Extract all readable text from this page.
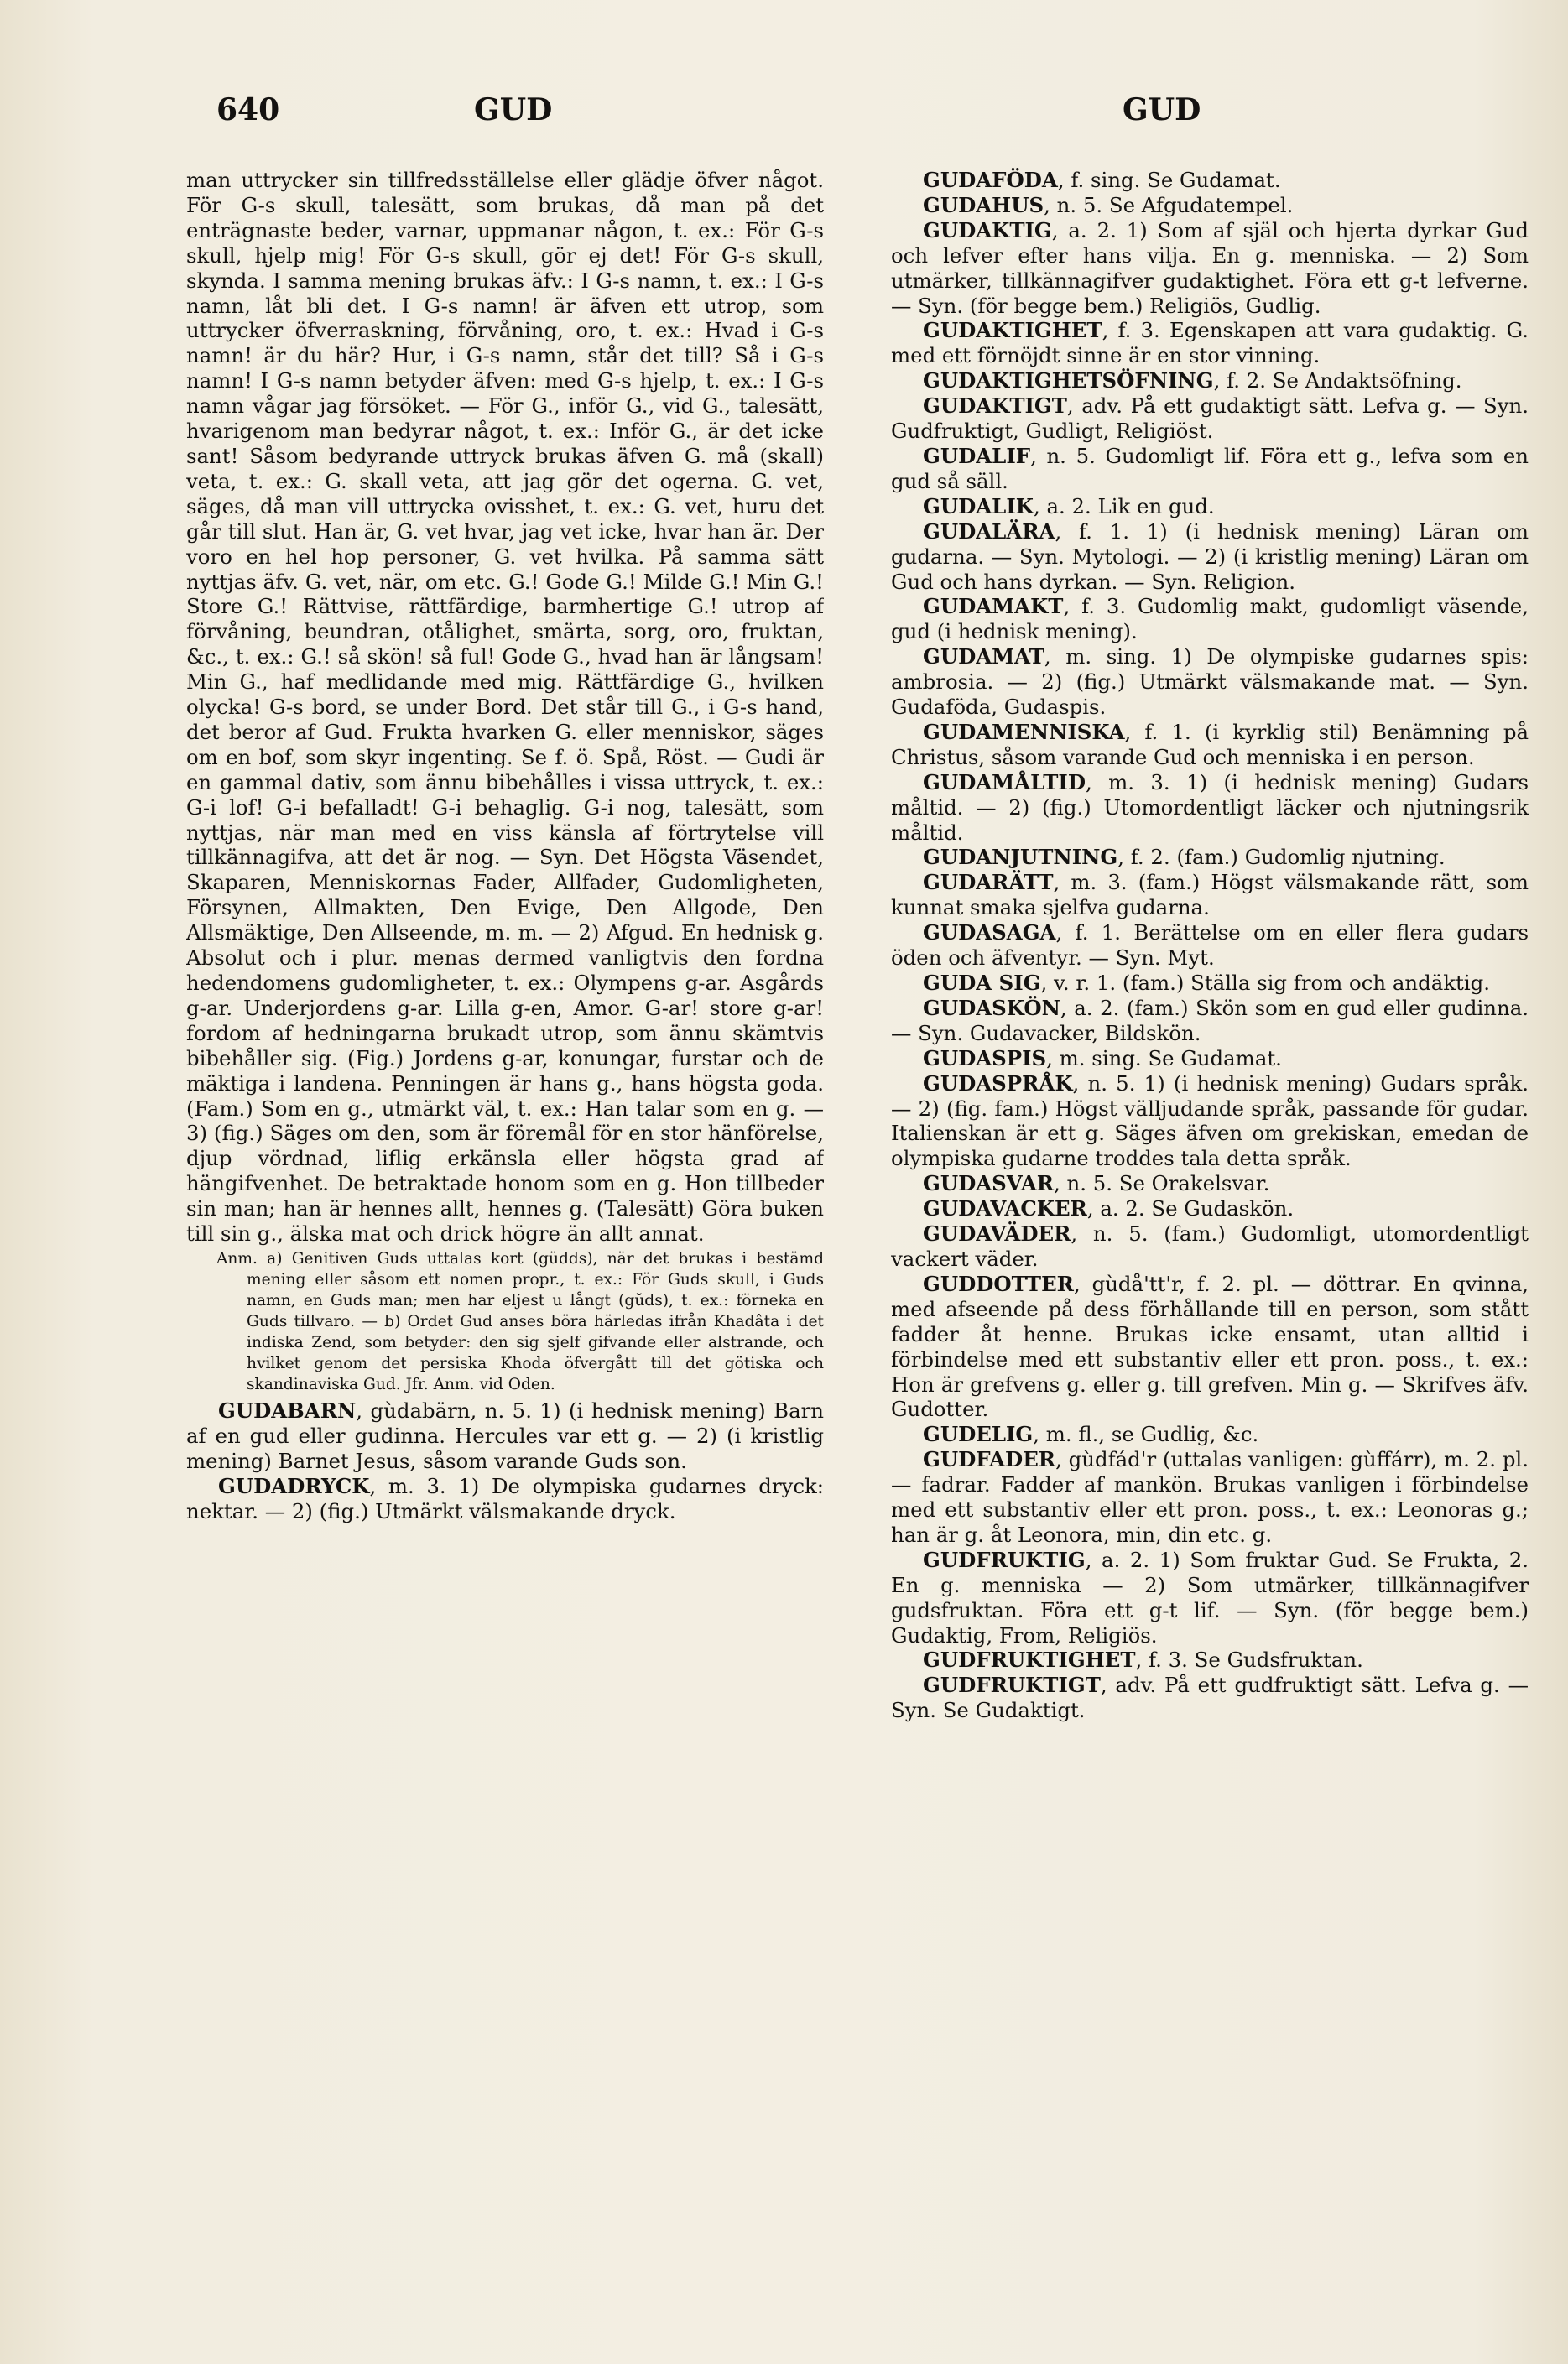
640	GUD	GUD

man uttrycker sin tillfredsställelse eller glädje öfver något. För G-s skull, talesätt, som brukas, då man på det enträgnaste beder, varnar, uppmanar någon, t. ex.: För G-s skull, hjelp mig! För G-s skull, gör ej det! För G-s skull, skynda. I samma mening brukas äfv.: I G-s namn, t. ex.: I G-s namn, låt bli det. I G-s namn! är äfven ett utrop, som uttrycker öfverraskning, förvåning, oro, t. ex.: Hvad i G-s namn! är du här? Hur, i G-s namn, står det till? Så i G-s namn! I G-s namn betyder äfven: med G-s hjelp, t. ex.: I G-s namn vågar jag försöket. — För G., inför G., vid G., talesätt, hvarigenom man bedyrar något, t. ex.: Inför G., är det icke sant! Såsom bedyrande uttryck brukas äfven G. må (skall) veta, t. ex.: G. skall veta, att jag gör det ogerna. G. vet, säges, då man vill uttrycka ovisshet, t. ex.: G. vet, huru det går till slut. Han är, G. vet hvar, jag vet icke, hvar han är. Der voro en hel hop personer, G. vet hvilka. På samma sätt nyttjas äfv. G. vet, när, om etc. G.! Gode G.! Milde G.! Min G.! Store G.! Rättvise, rättfärdige, barmhertige G.! utrop af förvåning, beundran, otålighet, smärta, sorg, oro, fruktan, &c., t. ex.: G.! så skön! så ful! Gode G., hvad han är långsam! Min G., haf medlidande med mig. Rättfärdige G., hvilken olycka! G-s bord, se under Bord. Det står till G., i G-s hand, det beror af Gud. Frukta hvarken G. eller menniskor, säges om en bof, som skyr ingenting. Se f. ö. Spå, Röst. — Gudi är en gammal dativ, som ännu bibehålles i vissa uttryck, t. ex.: G-i lof! G-i befalladt! G-i behaglig. G-i nog, talesätt, som nyttjas, när man med en viss känsla af förtrytelse vill tillkännagifva, att det är nog. — Syn. Det Högsta Väsendet, Skaparen, Menniskornas Fader, Allfader, Gudomligheten, Försynen, Allmakten, Den Evige, Den Allgode, Den Allsmäktige, Den Allseende, m. m. — 2) Afgud. En hednisk g. Absolut och i plur. menas dermed vanligtvis den fordna hedendomens gudomligheter, t. ex.: Olympens g-ar. Asgårds g-ar. Underjordens g-ar. Lilla g-en, Amor. G-ar! store g-ar! fordom af hedningarna brukadt utrop, som ännu skämtvis bibehåller sig. (Fig.) Jordens g-ar, konungar, furstar och de mäktiga i landena. Penningen är hans g., hans högsta goda. (Fam.) Som en g., utmärkt väl, t. ex.: Han talar som en g. — 3) (fig.) Säges om den, som är föremål för en stor hänförelse, djup vördnad, liflig erkänsla eller högsta grad af hängifvenhet. De betraktade honom som en g. Hon tillbeder sin man; han är hennes allt, hennes g. (Talesätt) Göra buken till sin g., älska mat och drick högre än allt annat.

Anm. a) Genitiven Guds uttalas kort (güdds), när det brukas i bestämd mening eller såsom ett nomen propr., t. ex.: För Guds skull, i Guds namn, en Guds man; men har eljest u långt (gŭds), t. ex.: förneka en Guds tillvaro. — b) Ordet Gud anses böra härledas ifrån Khadâta i det indiska Zend, som betyder: den sig sjelf gifvande eller alstrande, och hvilket genom det persiska Khoda öfvergått till det götiska och skandinaviska Gud. Jfr. Anm. vid Oden.

GUDABARN, gùdabärn, n. 5. 1) (i hednisk mening) Barn af en gud eller gudinna. Hercules var ett g. — 2) (i kristlig mening) Barnet Jesus, såsom varande Guds son.

GUDADRYCK, m. 3. 1) De olympiska gudarnes dryck: nektar. — 2) (fig.) Utmärkt välsmakande dryck.

GUDAFÖDA, f. sing. Se Gudamat.

GUDAHUS, n. 5. Se Afgudatempel.

GUDAKTIG, a. 2. 1) Som af själ och hjerta dyrkar Gud och lefver efter hans vilja. En g. menniska. — 2) Som utmärker, tillkännagifver gudaktighet. Föra ett g-t lefverne. — Syn. (för begge bem.) Religiös, Gudlig.

GUDAKTIGHET, f. 3. Egenskapen att vara gudaktig. G. med ett förnöjdt sinne är en stor vinning.

GUDAKTIGHETSÖFNING, f. 2. Se Andaktsöfning.

GUDAKTIGT, adv. På ett gudaktigt sätt. Lefva g. — Syn. Gudfruktigt, Gudligt, Religiöst.

GUDALIF, n. 5. Gudomligt lif. Föra ett g., lefva som en gud så säll.

GUDALIK, a. 2. Lik en gud.

GUDALÄRA, f. 1. 1) (i hednisk mening) Läran om gudarna. — Syn. Mytologi. — 2) (i kristlig mening) Läran om Gud och hans dyrkan. — Syn. Religion.

GUDAMAKT, f. 3. Gudomlig makt, gudomligt väsende, gud (i hednisk mening).

GUDAMAT, m. sing. 1) De olympiske gudarnes spis: ambrosia. — 2) (fig.) Utmärkt välsmakande mat. — Syn. Gudaföda, Gudaspis.

GUDAMENNISKA, f. 1. (i kyrklig stil) Benämning på Christus, såsom varande Gud och menniska i en person.

GUDAMÅLTID, m. 3. 1) (i hednisk mening) Gudars måltid. — 2) (fig.) Utomordentligt läcker och njutningsrik måltid.

GUDANJUTNING, f. 2. (fam.) Gudomlig njutning.

GUDARÄTT, m. 3. (fam.) Högst välsmakande rätt, som kunnat smaka sjelfva gudarna.

GUDASAGA, f. 1. Berättelse om en eller flera gudars öden och äfventyr. — Syn. Myt.

GUDA SIG, v. r. 1. (fam.) Ställa sig from och andäktig.

GUDASKÖN, a. 2. (fam.) Skön som en gud eller gudinna. — Syn. Gudavacker, Bildskön.

GUDASPIS, m. sing. Se Gudamat.

GUDASPRÅK, n. 5. 1) (i hednisk mening) Gudars språk. — 2) (fig. fam.) Högst välljudande språk, passande för gudar. Italienskan är ett g. Säges äfven om grekiskan, emedan de olympiska gudarne troddes tala detta språk.

GUDASVAR, n. 5. Se Orakelsvar.

GUDAVACKER, a. 2. Se Gudaskön.

GUDAVÄDER, n. 5. (fam.) Gudomligt, utomordentligt vackert väder.

GUDDOTTER, gùdå'tt'r, f. 2. pl. — döttrar. En qvinna, med afseende på dess förhållande till en person, som stått fadder åt henne. Brukas icke ensamt, utan alltid i förbindelse med ett substantiv eller ett pron. poss., t. ex.: Hon är grefvens g. eller g. till grefven. Min g. — Skrifves äfv. Gudotter.

GUDELIG, m. fl., se Gudlig, &c.

GUDFADER, gùdfád'r (uttalas vanligen: gùffárr), m. 2. pl. — fadrar. Fadder af mankön. Brukas vanligen i förbindelse med ett substantiv eller ett pron. poss., t. ex.: Leonoras g.; han är g. åt Leonora, min, din etc. g.

GUDFRUKTIG, a. 2. 1) Som fruktar Gud. Se Frukta, 2. En g. menniska — 2) Som utmärker, tillkännagifver gudsfruktan. Föra ett g-t lif. — Syn. (för begge bem.) Gudaktig, From, Religiös.

GUDFRUKTIGHET, f. 3. Se Gudsfruktan.

GUDFRUKTIGT, adv. På ett gudfruktigt sätt. Lefva g. — Syn. Se Gudaktigt.
